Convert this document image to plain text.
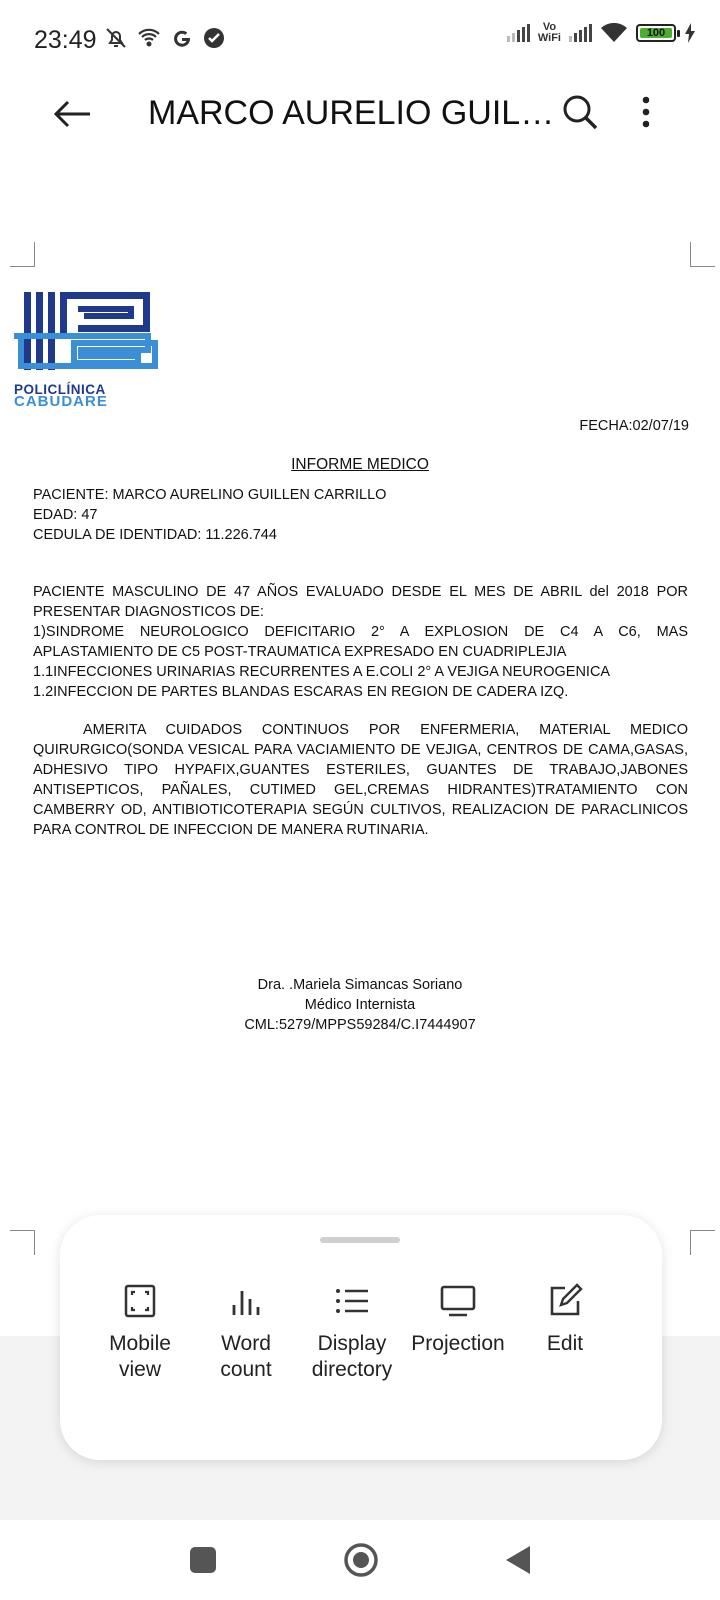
23:49	Vo
WiFi	100
MARCO AURELIO GUIL…
POLICLÍNICA
CABUDARE
FECHA:02/07/19
INFORME MEDICO
PACIENTE: MARCO AURELINO GUILLEN CARRILLO
EDAD: 47
CEDULA DE IDENTIDAD: 11.226.744
PACIENTE MASCULINO DE 47 AÑOS EVALUADO DESDE EL MES DE ABRIL del 2018 POR PRESENTAR DIAGNOSTICOS DE:
1)SINDROME NEUROLOGICO DEFICITARIO 2° A EXPLOSION DE C4 A C6, MAS APLASTAMIENTO DE C5 POST-TRAUMATICA EXPRESADO EN CUADRIPLEJIA
1.1INFECCIONES URINARIAS RECURRENTES A E.COLI 2° A VEJIGA NEUROGENICA
1.2INFECCION DE PARTES BLANDAS ESCARAS EN REGION DE CADERA IZQ.
AMERITA CUIDADOS CONTINUOS POR ENFERMERIA, MATERIAL MEDICO QUIRURGICO(SONDA VESICAL PARA VACIAMIENTO DE VEJIGA, CENTROS DE CAMA,GASAS, ADHESIVO TIPO HYPAFIX,GUANTES ESTERILES, GUANTES DE TRABAJO,JABONES ANTISEPTICOS, PAÑALES, CUTIMED GEL,CREMAS HIDRANTES)TRATAMIENTO CON CAMBERRY OD, ANTIBIOTICOTERAPIA SEGÚN CULTIVOS, REALIZACION DE PARACLINICOS PARA CONTROL DE INFECCION DE MANERA RUTINARIA.
Dra. .Mariela Simancas Soriano
Médico Internista
CML:5279/MPPS59284/C.I7444907
Mobile
view
Word
count
Display
directory
Projection	Edit
